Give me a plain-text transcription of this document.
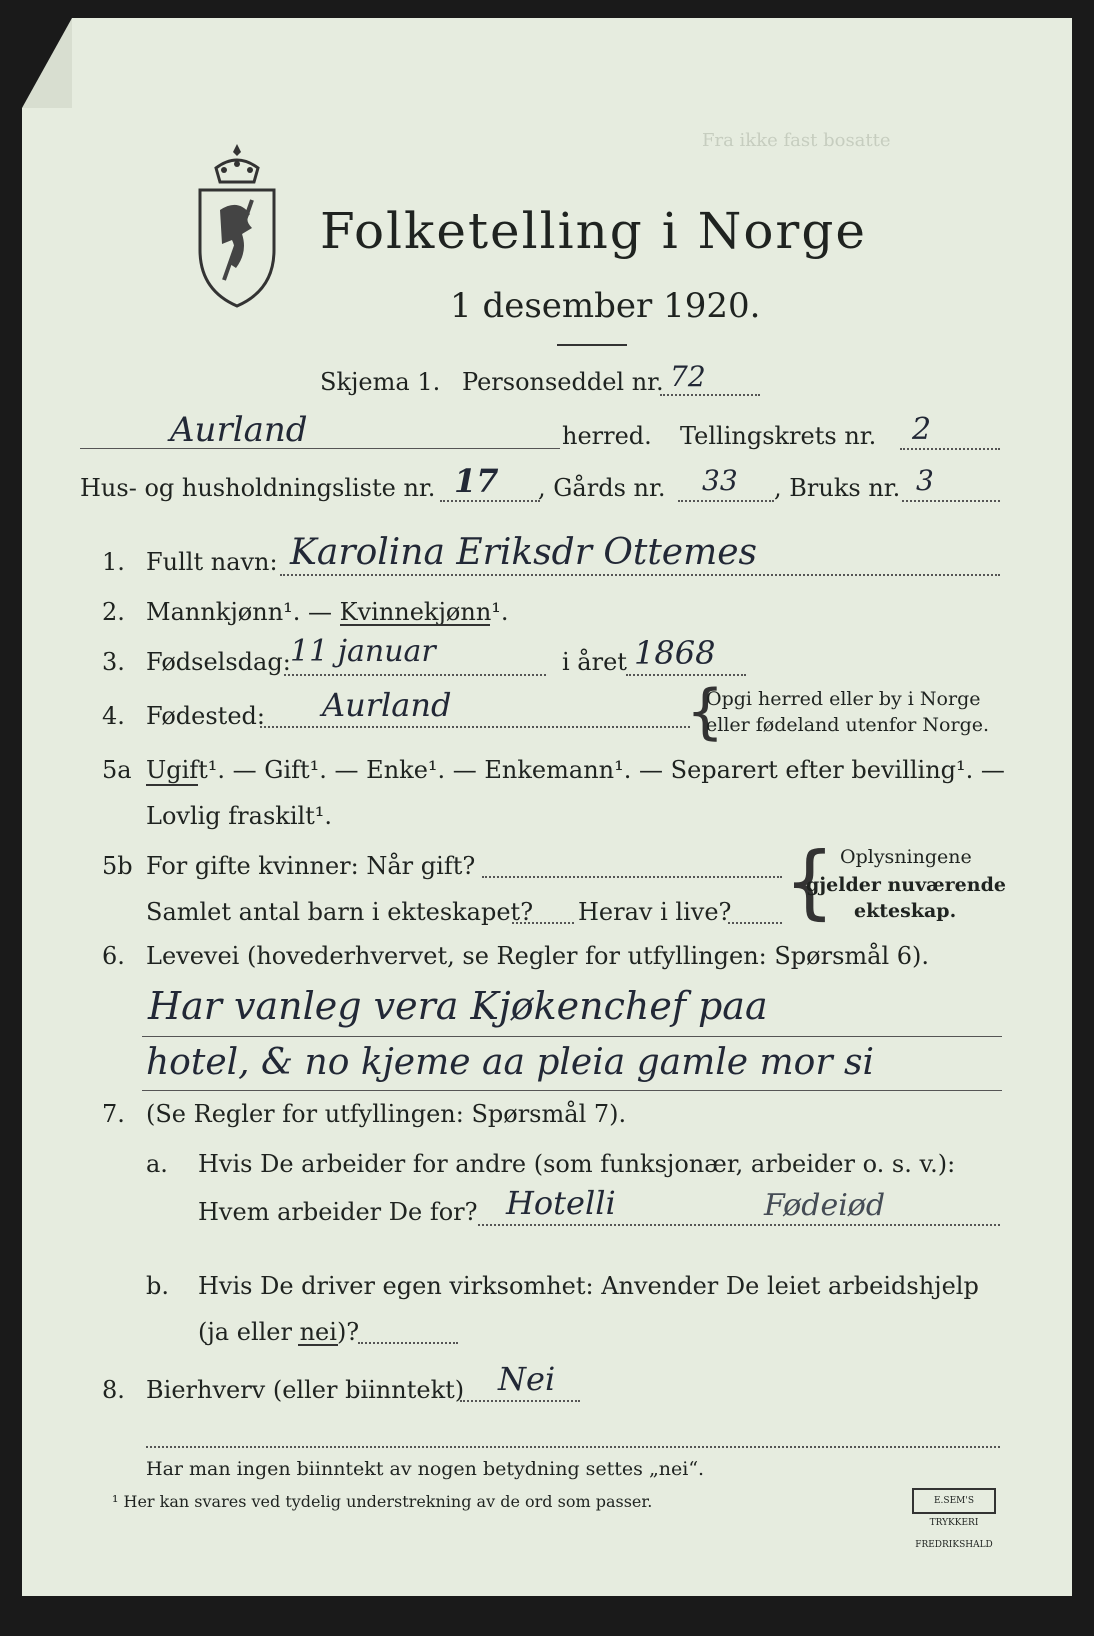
Fra ikke fast bosatte
Folketelling i Norge
1 desember 1920.
Skjema 1. Personseddel nr. 72
Aurland	herred. Tellingskrets nr. 2
Hus- og husholdningsliste nr. 17 , Gårds nr. 33 , Bruks nr. 3
1. Fullt navn: Karolina Eriksdr Ottemes
2. Mannkjønn¹. — Kvinnekjønn¹.
3. Fødselsdag: 11 januar	i året 1868
4. Fødested: Aurland	{
Opgi herred eller by i Norge
eller fødeland utenfor Norge.
5a Ugift¹. — Gift¹. — Enke¹. — Enkemann¹. — Separert efter bevilling¹. —
Lovlig fraskilt¹.
5b For gifte kvinner: Når gift?
Samlet antal barn i ekteskapet? Herav i live? { Oplysningene
gjelder nuværende
ekteskap.
6. Levevei (hovederhvervet, se Regler for utfyllingen: Spørsmål 6).
Har vanleg vera Kjøkenchef paa
hotel, & no kjeme aa pleia gamle mor si
7. (Se Regler for utfyllingen: Spørsmål 7).
a. Hvis De arbeider for andre (som funksjonær, arbeider o. s. v.):
Hvem arbeider De for? Hotelli	Fødeiød
b. Hvis De driver egen virksomhet: Anvender De leiet arbeidshjelp
(ja eller nei)?
8. Bierhverv (eller biinntekt) Nei
Har man ingen biinntekt av nogen betydning settes „nei“.
¹ Her kan svares ved tydelig understrekning av de ord som passer.	E.SEM'S TRYKKERI FREDRIKSHALD
